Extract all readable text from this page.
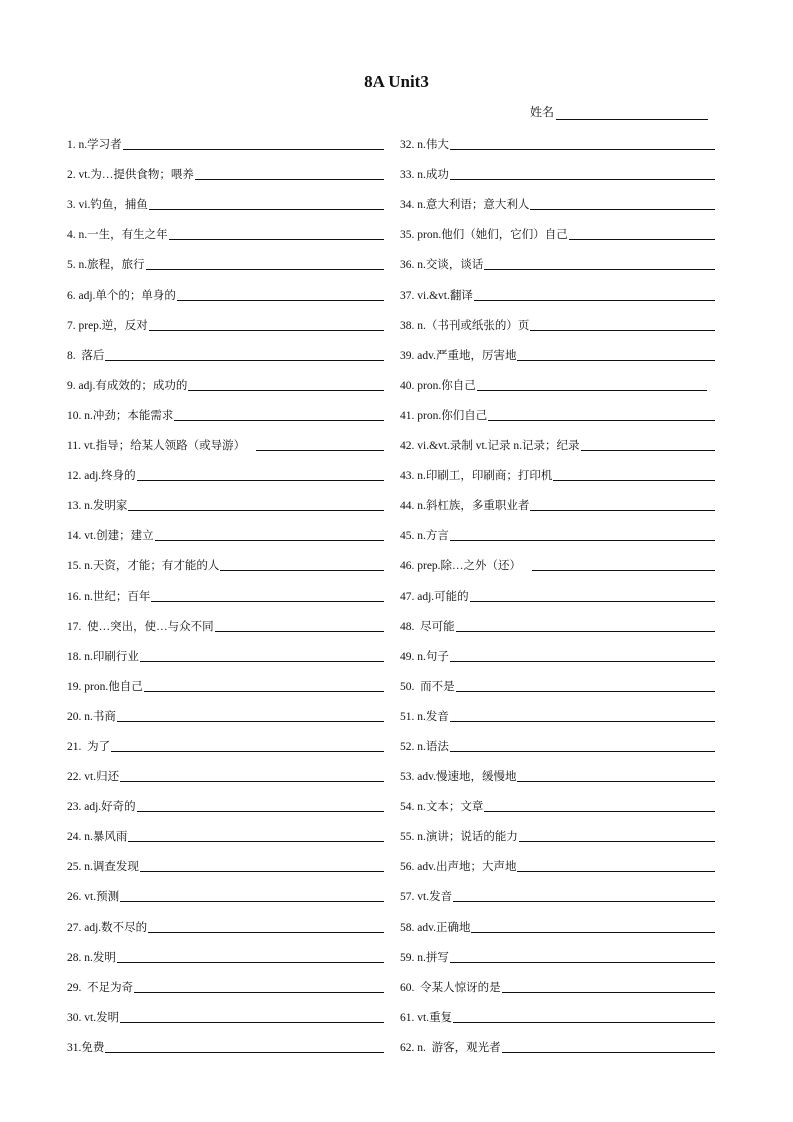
8A Unit3
姓名
1. n.学习者
2. vt.为…提供食物；喂养
3. vi.钓鱼，捕鱼
4. n.一生，有生之年
5. n.旅程，旅行
6. adj.单个的；单身的
7. prep.逆，反对
8.  落后
9. adj.有成效的；成功的
10. n.冲劲；本能需求
11. vt.指导；给某人领路（或导游）
12. adj.终身的
13. n.发明家
14. vt.创建；建立
15. n.天资，才能；有才能的人
16. n.世纪；百年
17.  使…突出，使…与众不同
18. n.印刷行业
19. pron.他自己
20. n.书商
21.  为了
22. vt.归还
23. adj.好奇的
24. n.暴风雨
25. n.调查发现
26. vt.预测
27. adj.数不尽的
28. n.发明
29.  不足为奇
30. vt.发明
31.免费
32. n.伟大
33. n.成功
34. n.意大利语；意大利人
35. pron.他们（她们，它们）自己
36. n.交谈，谈话
37. vi.&vt.翻译
38. n.（书刊或纸张的）页
39. adv.严重地，厉害地
40. pron.你自己
41. pron.你们自己
42. vi.&vt.录制 vt.记录 n.记录；纪录
43. n.印刷工，印刷商；打印机
44. n.斜杠族，多重职业者
45. n.方言
46. prep.除…之外（还）
47. adj.可能的
48.  尽可能
49. n.句子
50.  而不是
51. n.发音
52. n.语法
53. adv.慢速地，缓慢地
54. n.文本；文章
55. n.演讲；说话的能力
56. adv.出声地；大声地
57. vt.发音
58. adv.正确地
59. n.拼写
60.  令某人惊讶的是
61. vt.重复
62. n.  游客，观光者
